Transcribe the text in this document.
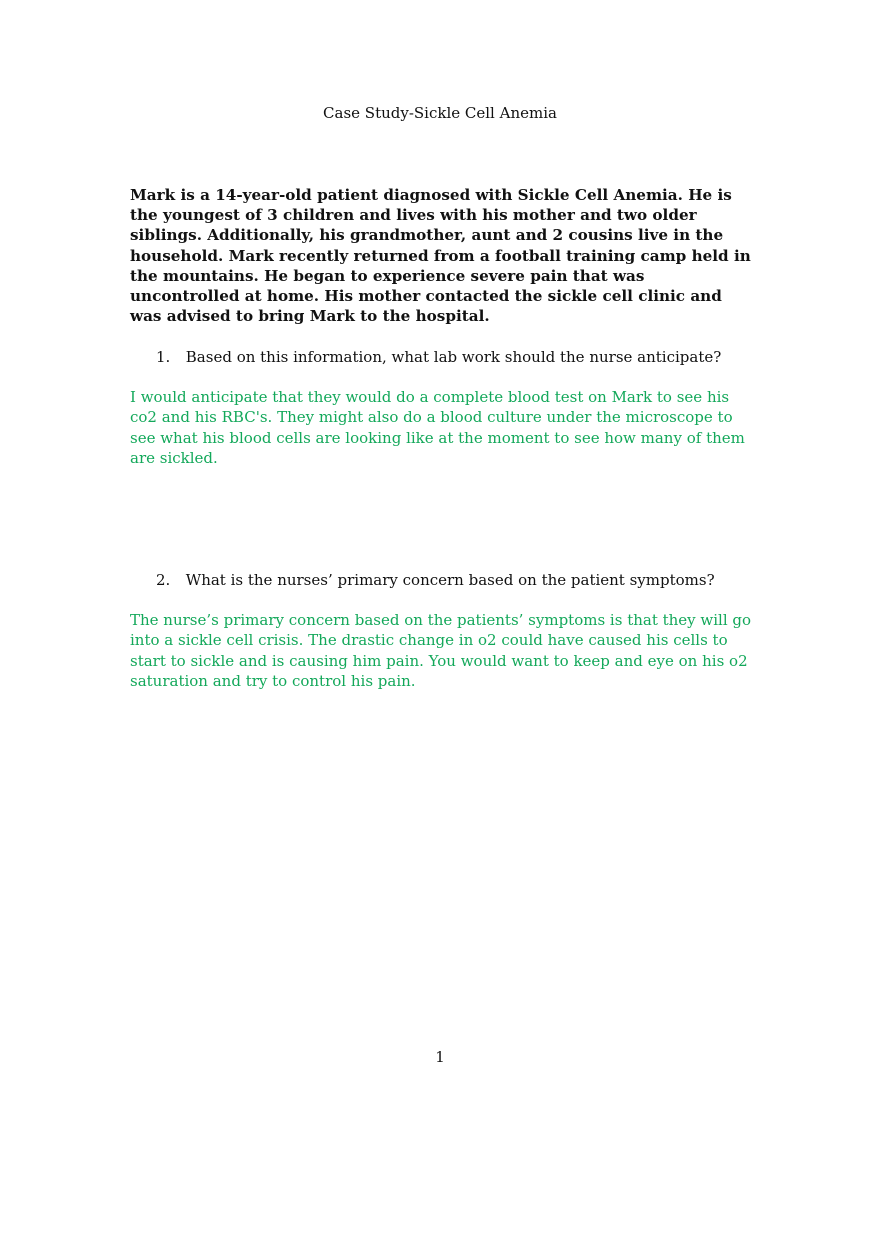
Case Study-Sickle Cell Anemia
Mark is a 14-year-old patient diagnosed with Sickle Cell Anemia. He is the youngest of 3 children and lives with his mother and two older siblings. Additionally, his grandmother, aunt and 2 cousins live in the household. Mark recently returned from a football training camp held in the mountains. He began to experience severe pain that was uncontrolled at home. His mother contacted the sickle cell clinic and was advised to bring Mark to the hospital.
1. Based on this information, what lab work should the nurse anticipate?
I would anticipate that they would do a complete blood test on Mark to see his co2 and his RBC's. They might also do a blood culture under the microscope to see what his blood cells are looking like at the moment to see how many of them are sickled.
2. What is the nurses’ primary concern based on the patient symptoms?
The nurse’s primary concern based on the patients’ symptoms is that they will go into a sickle cell crisis. The drastic change in o2 could have caused his cells to start to sickle and is causing him pain. You would want to keep and eye on his o2 saturation and try to control his pain.
1
